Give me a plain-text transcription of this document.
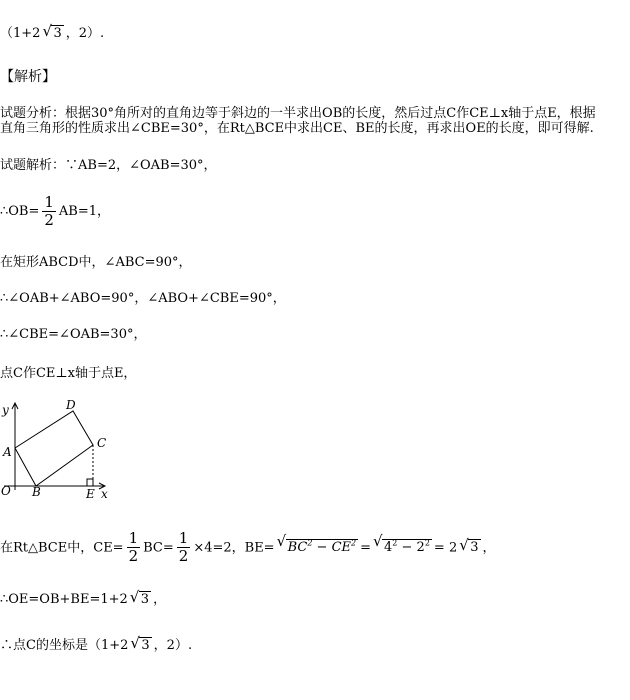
（1+2√ 3 ，2）.
【解析】
试题分析：根据30°角所对的直角边等于斜边的一半求出OB的长度，然后过点C作CE⊥x轴于点E，根据
直角三角形的性质求出∠CBE=30°，在Rt△BCE中求出CE、BE的长度，再求出OE的长度，即可得解.
试题解析：∵AB=2，∠OAB=30°，
∴OB= $\frac{1}{2} AB=1$，
在矩形ABCD中，∠ABC=90°，
∴∠OAB+∠ABO=90°，∠ABO+∠CBE=90°，
∴∠CBE=∠OAB=30°，
点C作CE⊥x轴于点E，
y
x
O
A
B
C
D
E
在Rt△BCE中，$CE= \frac{1}{2} BC= \frac{1}{2} \times 4=2$，BE=√ $BC^2 - CE^2$ =√ $4^2 - 2^2 = 2√$ 3 ，
∴OE=OB+BE=1+2√ 3 ，
∴点C的坐标是（1+2√ 3 ，2）.
